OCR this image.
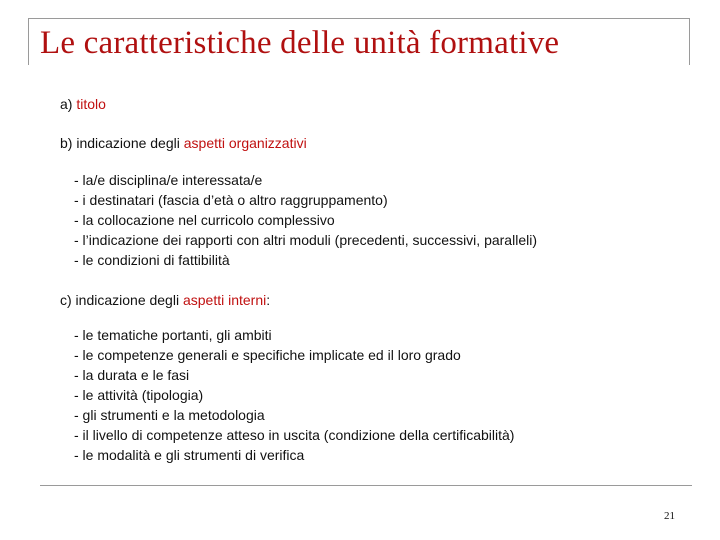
Le caratteristiche delle unità formative

a) titolo

b) indicazione degli aspetti organizzativi

- la/e disciplina/e interessata/e
- i destinatari (fascia d’età o altro raggruppamento)
- la collocazione nel curricolo complessivo
- l’indicazione dei rapporti con altri moduli (precedenti, successivi, paralleli)
- le condizioni di fattibilità

c) indicazione degli aspetti interni:

- le tematiche portanti, gli ambiti
- le competenze generali e specifiche implicate ed il loro grado
- la durata e le fasi
- le attività (tipologia)
- gli strumenti e la metodologia
- il livello di competenze atteso in uscita (condizione della certificabilità)
- le modalità e gli strumenti di verifica
21
